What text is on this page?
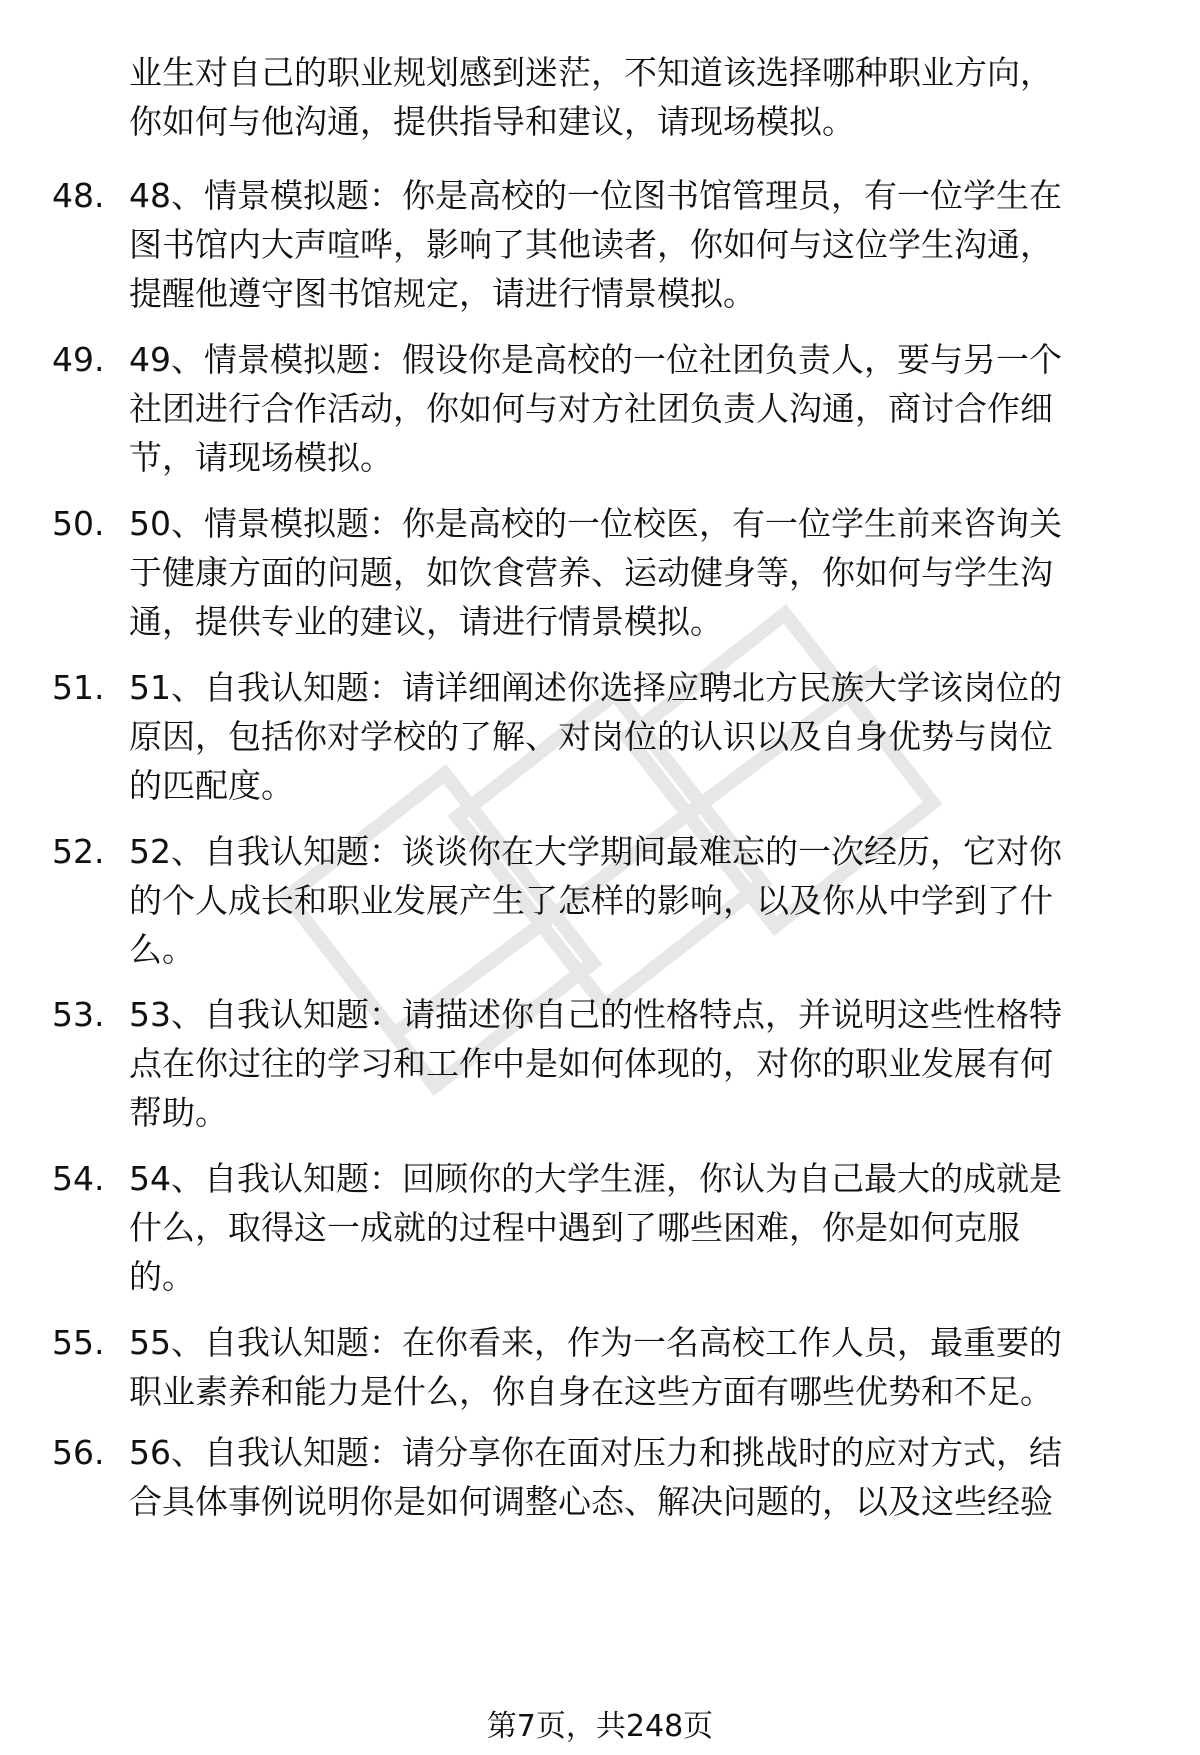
业生对自己的职业规划感到迷茫，不知道该选择哪种职业方向，
你如何与他沟通，提供指导和建议，请现场模拟。
48. 48、情景模拟题：你是高校的一位图书馆管理员，有一位学生在
图书馆内大声喧哗，影响了其他读者，你如何与这位学生沟通，
提醒他遵守图书馆规定，请进行情景模拟。
49. 49、情景模拟题：假设你是高校的一位社团负责人，要与另一个
社团进行合作活动，你如何与对方社团负责人沟通，商讨合作细
节，请现场模拟。
50. 50、情景模拟题：你是高校的一位校医，有一位学生前来咨询关
于健康方面的问题，如饮食营养、运动健身等，你如何与学生沟
通，提供专业的建议，请进行情景模拟。
51. 51、自我认知题：请详细阐述你选择应聘北方民族大学该岗位的
原因，包括你对学校的了解、对岗位的认识以及自身优势与岗位
的匹配度。
52. 52、自我认知题：谈谈你在大学期间最难忘的一次经历，它对你
的个人成长和职业发展产生了怎样的影响，以及你从中学到了什
么。
53. 53、自我认知题：请描述你自己的性格特点，并说明这些性格特
点在你过往的学习和工作中是如何体现的，对你的职业发展有何
帮助。
54. 54、自我认知题：回顾你的大学生涯，你认为自己最大的成就是
什么，取得这一成就的过程中遇到了哪些困难，你是如何克服
的。
55. 55、自我认知题：在你看来，作为一名高校工作人员，最重要的
职业素养和能力是什么，你自身在这些方面有哪些优势和不足。
56. 56、自我认知题：请分享你在面对压力和挑战时的应对方式，结
合具体事例说明你是如何调整心态、解决问题的，以及这些经验
第7页，共248页
